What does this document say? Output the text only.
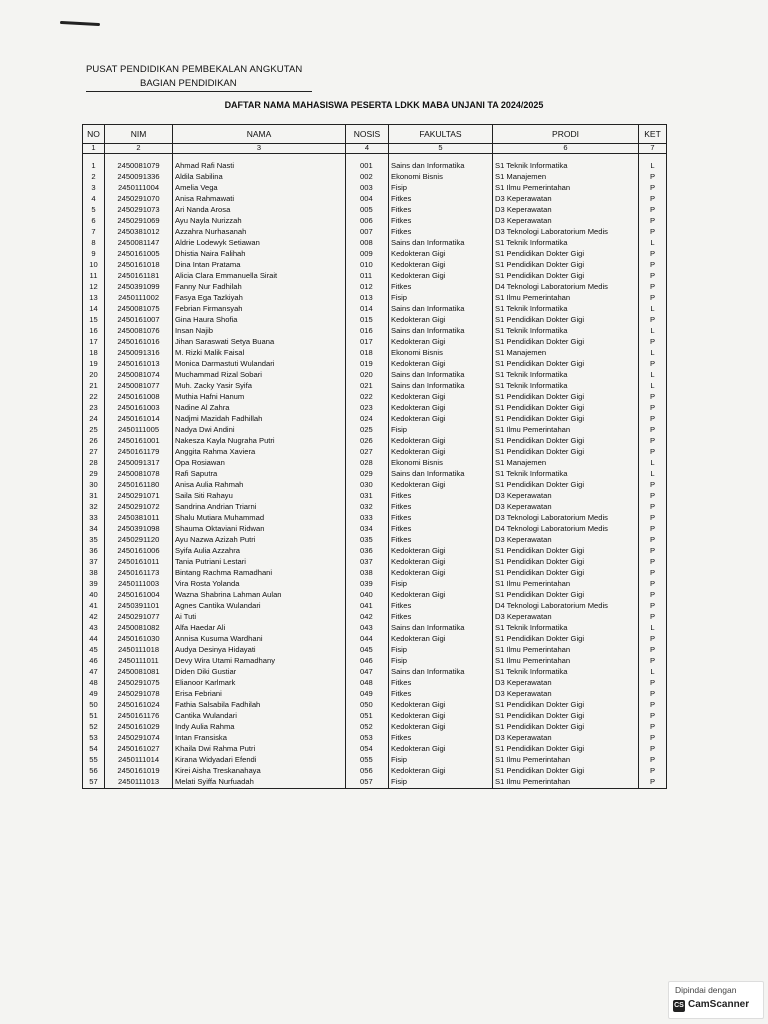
PUSAT PENDIDIKAN PEMBEKALAN ANGKUTAN
BAGIAN PENDIDIKAN
DAFTAR NAMA MAHASISWA PESERTA LDKK MABA UNJANI TA 2024/2025
NO	NIM	NAMA	NOSIS	FAKULTAS	PRODI	KET
1	2	3	4	5	6	7

1	2450081079	Ahmad Rafi Nasti	001	Sains dan Informatika	S1 Teknik Informatika	L
2	2450091336	Aldila Sabilina	002	Ekonomi Bisnis	S1 Manajemen	P
3	2450111004	Amelia Vega	003	Fisip	S1 Ilmu Pemerintahan	P
4	2450291070	Anisa Rahmawati	004	Fitkes	D3 Keperawatan	P
5	2450291073	Ari Nanda Arosa	005	Fitkes	D3 Keperawatan	P
6	2450291069	Ayu Nayla Nurizzah	006	Fitkes	D3 Keperawatan	P
7	2450381012	Azzahra Nurhasanah	007	Fitkes	D3 Teknologi Laboratorium Medis	P
8	2450081147	Aldrie Lodewyk Setiawan	008	Sains dan Informatika	S1 Teknik Informatika	L
9	2450161005	Dhistia Naira Falihah	009	Kedokteran Gigi	S1 Pendidikan Dokter Gigi	P
10	2450161018	Dina Intan Pratama	010	Kedokteran Gigi	S1 Pendidikan Dokter Gigi	P
11	2450161181	Alicia Clara Emmanuella Sirait	011	Kedokteran Gigi	S1 Pendidikan Dokter Gigi	P
12	2450391099	Fanny Nur Fadhilah	012	Fitkes	D4 Teknologi Laboratorium Medis	P
13	2450111002	Fasya Ega Tazkiyah	013	Fisip	S1 Ilmu Pemerintahan	P
14	2450081075	Febrian Firmansyah	014	Sains dan Informatika	S1 Teknik Informatika	L
15	2450161007	Gina Haura Shofia	015	Kedokteran Gigi	S1 Pendidikan Dokter Gigi	P
16	2450081076	Insan Najib	016	Sains dan Informatika	S1 Teknik Informatika	L
17	2450161016	Jihan Saraswati Setya Buana	017	Kedokteran Gigi	S1 Pendidikan Dokter Gigi	P
18	2450091316	M. Rizki Malik Faisal	018	Ekonomi Bisnis	S1 Manajemen	L
19	2450161013	Monica Darmastuti Wulandari	019	Kedokteran Gigi	S1 Pendidikan Dokter Gigi	P
20	2450081074	Muchammad Rizal Sobari	020	Sains dan Informatika	S1 Teknik Informatika	L
21	2450081077	Muh. Zacky Yasir Syifa	021	Sains dan Informatika	S1 Teknik Informatika	L
22	2450161008	Muthia Hafni Hanum	022	Kedokteran Gigi	S1 Pendidikan Dokter Gigi	P
23	2450161003	Nadine Al Zahra	023	Kedokteran Gigi	S1 Pendidikan Dokter Gigi	P
24	2450161014	Nadjmi Mazidah Fadhillah	024	Kedokteran Gigi	S1 Pendidikan Dokter Gigi	P
25	2450111005	Nadya Dwi Andini	025	Fisip	S1 Ilmu Pemerintahan	P
26	2450161001	Nakesza Kayla Nugraha Putri	026	Kedokteran Gigi	S1 Pendidikan Dokter Gigi	P
27	2450161179	Anggita Rahma Xaviera	027	Kedokteran Gigi	S1 Pendidikan Dokter Gigi	P
28	2450091317	Opa Rosiawan	028	Ekonomi Bisnis	S1 Manajemen	L
29	2450081078	Rafi Saputra	029	Sains dan Informatika	S1 Teknik Informatika	L
30	2450161180	Anisa Aulia Rahmah	030	Kedokteran Gigi	S1 Pendidikan Dokter Gigi	P
31	2450291071	Saila Siti Rahayu	031	Fitkes	D3 Keperawatan	P
32	2450291072	Sandrina Andrian Triarni	032	Fitkes	D3 Keperawatan	P
33	2450381011	Shalu Mutiara Muhammad	033	Fitkes	D3 Teknologi Laboratorium Medis	P
34	2450391098	Shauma Oktaviani Ridwan	034	Fitkes	D4 Teknologi Laboratorium Medis	P
35	2450291120	Ayu Nazwa Azizah Putri	035	Fitkes	D3 Keperawatan	P
36	2450161006	Syifa Aulia Azzahra	036	Kedokteran Gigi	S1 Pendidikan Dokter Gigi	P
37	2450161011	Tania Putriani Lestari	037	Kedokteran Gigi	S1 Pendidikan Dokter Gigi	P
38	2450161173	Bintang Rachma Ramadhani	038	Kedokteran Gigi	S1 Pendidikan Dokter Gigi	P
39	2450111003	Vira Rosta Yolanda	039	Fisip	S1 Ilmu Pemerintahan	P
40	2450161004	Wazna Shabrina Lahman Aulan	040	Kedokteran Gigi	S1 Pendidikan Dokter Gigi	P
41	2450391101	Agnes Cantika Wulandari	041	Fitkes	D4 Teknologi Laboratorium Medis	P
42	2450291077	Ai Tuti	042	Fitkes	D3 Keperawatan	P
43	2450081082	Alfa Haedar Ali	043	Sains dan Informatika	S1 Teknik Informatika	L
44	2450161030	Annisa Kusuma Wardhani	044	Kedokteran Gigi	S1 Pendidikan Dokter Gigi	P
45	2450111018	Audya Desinya Hidayati	045	Fisip	S1 Ilmu Pemerintahan	P
46	2450111011	Devy Wira Utami Ramadhany	046	Fisip	S1 Ilmu Pemerintahan	P
47	2450081081	Diden Diki Gustiar	047	Sains dan Informatika	S1 Teknik Informatika	L
48	2450291075	Elianoor Karlmark	048	Fitkes	D3 Keperawatan	P
49	2450291078	Erisa Febriani	049	Fitkes	D3 Keperawatan	P
50	2450161024	Fathia Salsabila Fadhilah	050	Kedokteran Gigi	S1 Pendidikan Dokter Gigi	P
51	2450161176	Cantika Wulandari	051	Kedokteran Gigi	S1 Pendidikan Dokter Gigi	P
52	2450161029	Indy Aulia Rahma	052	Kedokteran Gigi	S1 Pendidikan Dokter Gigi	P
53	2450291074	Intan Fransiska	053	Fitkes	D3 Keperawatan	P
54	2450161027	Khaila Dwi Rahma Putri	054	Kedokteran Gigi	S1 Pendidikan Dokter Gigi	P
55	2450111014	Kirana Widyadari Efendi	055	Fisip	S1 Ilmu Pemerintahan	P
56	2450161019	Kirei Aisha Treskanahaya	056	Kedokteran Gigi	S1 Pendidikan Dokter Gigi	P
57	2450111013	Melati Syiffa Nurfuadah	057	Fisip	S1 Ilmu Pemerintahan	P
Dipindai dengan
CS CamScanner
